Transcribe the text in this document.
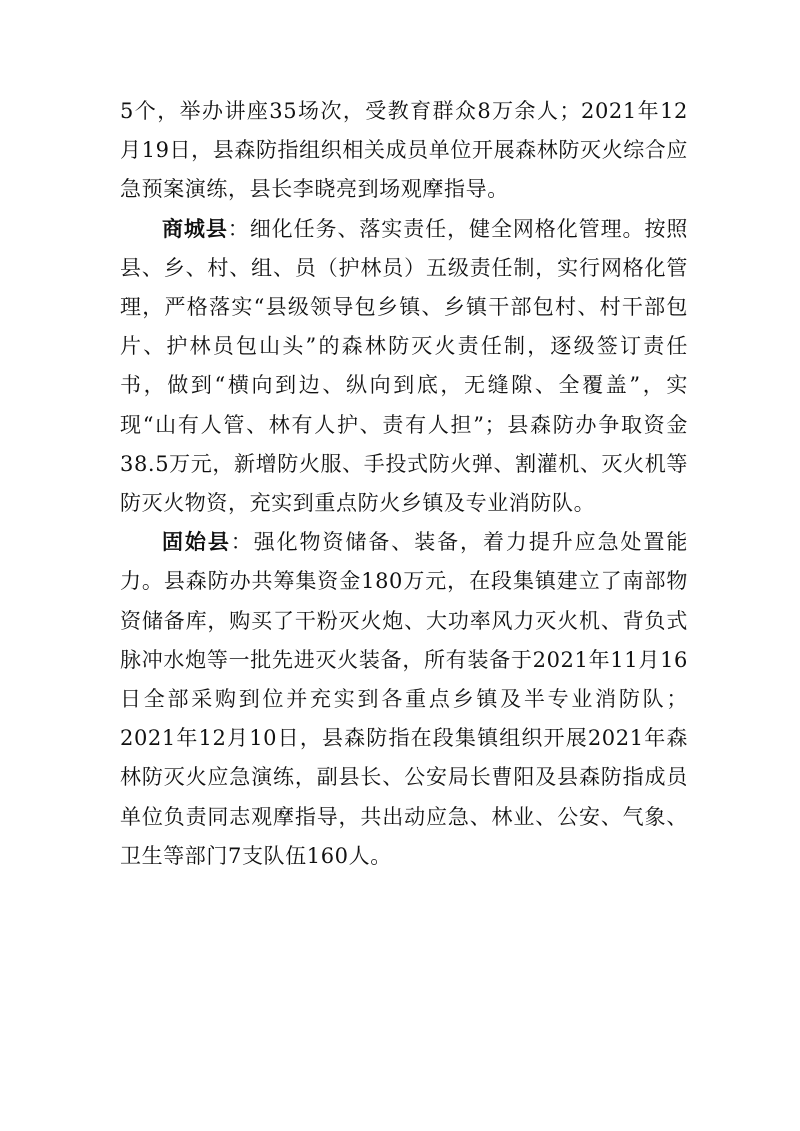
5个，举办讲座35场次，受教育群众8万余人；2021年12月19日，县森防指组织相关成员单位开展森林防灭火综合应急预案演练，县长李晓亮到场观摩指导。

商城县：细化任务、落实责任，健全网格化管理。按照县、乡、村、组、员（护林员）五级责任制，实行网格化管理，严格落实“县级领导包乡镇、乡镇干部包村、村干部包片、护林员包山头”的森林防灭火责任制，逐级签订责任书，做到“横向到边、纵向到底，无缝隙、全覆盖”，实现“山有人管、林有人护、责有人担”；县森防办争取资金38.5万元，新增防火服、手投式防火弹、割灌机、灭火机等防灭火物资，充实到重点防火乡镇及专业消防队。

固始县：强化物资储备、装备，着力提升应急处置能力。县森防办共筹集资金180万元，在段集镇建立了南部物资储备库，购买了干粉灭火炮、大功率风力灭火机、背负式脉冲水炮等一批先进灭火装备，所有装备于2021年11月16日全部采购到位并充实到各重点乡镇及半专业消防队；2021年12月10日，县森防指在段集镇组织开展2021年森林防灭火应急演练，副县长、公安局长曹阳及县森防指成员单位负责同志观摩指导，共出动应急、林业、公安、气象、卫生等部门7支队伍160人。
